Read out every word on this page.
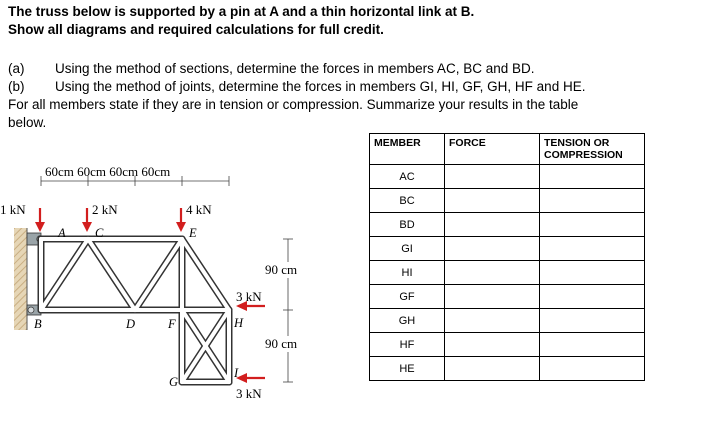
The truss below is supported by a pin at A and a thin horizontal link at B.
Show all diagrams and required calculations for full credit.
(a) Using the method of sections, determine the forces in members AC, BC and BD.
(b) Using the method of joints, determine the forces in members GI, HI, GF, GH, HF and HE.
For all members state if they are in tension or compression. Summarize your results in the table
below.
60cm 60cm 60cm 60cm
90 cm
90 cm
1 kN	2 kN	4 kN
3 kN
3 kN
A C	E
B	D	F	H
G
I
MEMBER	FORCE	TENSION OR
COMPRESSION
AC		
BC		
BD		
GI		
HI		
GF		
GH		
HF		
HE		
